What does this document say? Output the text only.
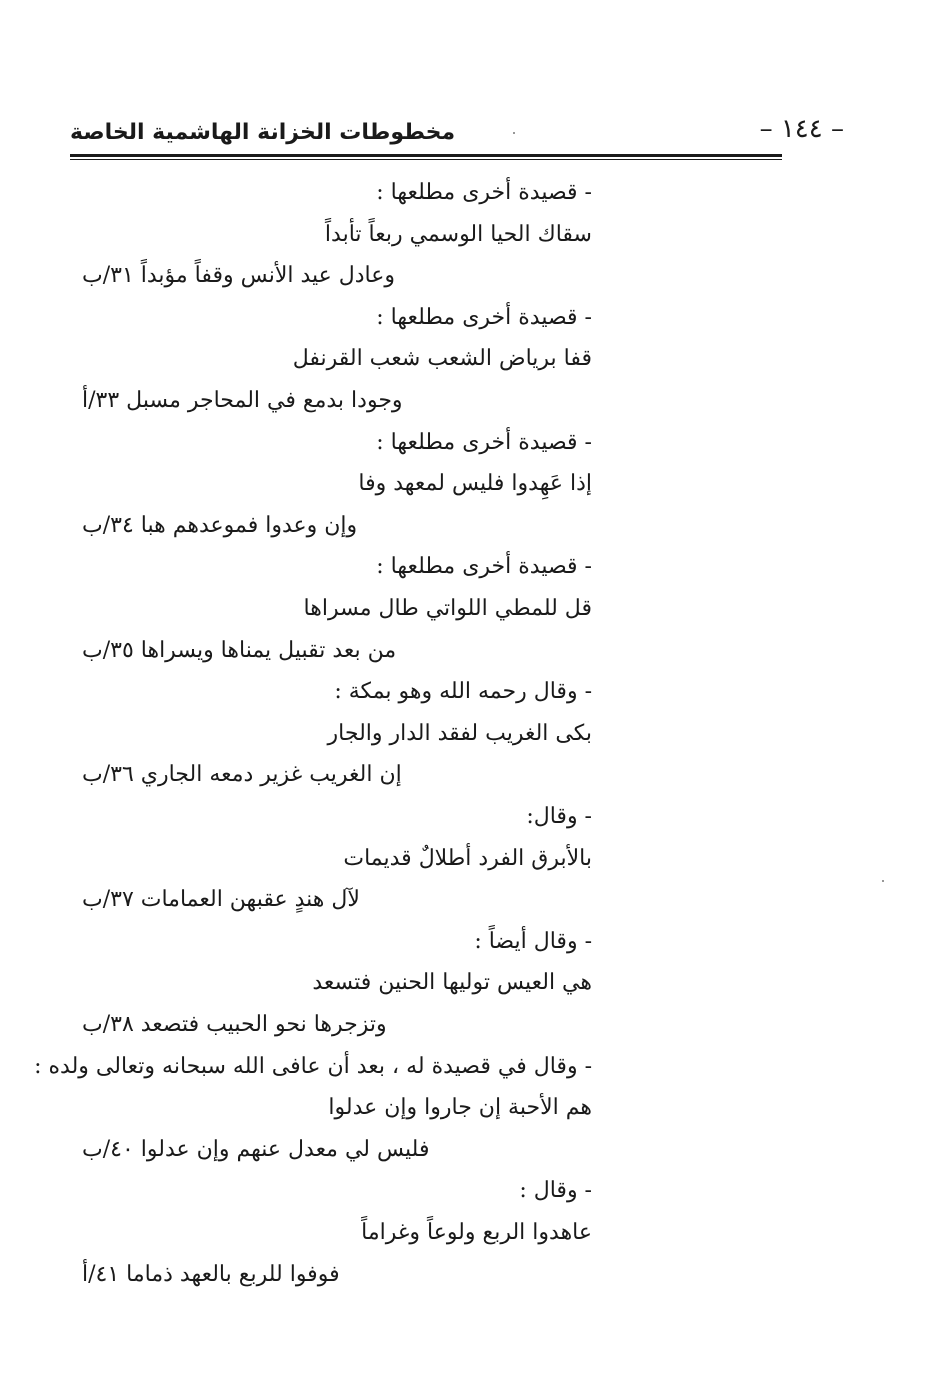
مخطوطات الخزانة الهاشمية الخاصة	– ١٤٤ –
- قصيدة أخرى مطلعها :
سقاك الحيا الوسمي ربعاً تأبداً
وعادل عيد الأنس وقفاً مؤبداً ٣١/ب
- قصيدة أخرى مطلعها :
قفا برياض الشعب شعب القرنفل
وجودا بدمع في المحاجر مسبل ٣٣/أ
- قصيدة أخرى مطلعها :
إذا عَهِدوا فليس لمعهد وفا
وإن وعدوا فموعدهم هبا ٣٤/ب
- قصيدة أخرى مطلعها :
قل للمطي اللواتي طال مسراها
من بعد تقبيل يمناها ويسراها ٣٥/ب
- وقال رحمه الله وهو بمكة :
بكى الغريب لفقد الدار والجار
إن الغريب غزير دمعه الجاري ٣٦/ب
- وقال:
بالأبرق الفرد أطلالٌ قديمات
لآل هندٍ عقبهن العمامات ٣٧/ب
- وقال أيضاً :
هي العيس توليها الحنين فتسعد
وتزجرها نحو الحبيب فتصعد ٣٨/ب
- وقال في قصيدة له ، بعد أن عافى الله سبحانه وتعالى ولده :
هم الأحبة إن جاروا وإن عدلوا
فليس لي معدل عنهم وإن عدلوا ٤٠/ب
- وقال :
عاهدوا الربع ولوعاً وغراماً
فوفوا للربع بالعهد ذماما ٤١/أ
